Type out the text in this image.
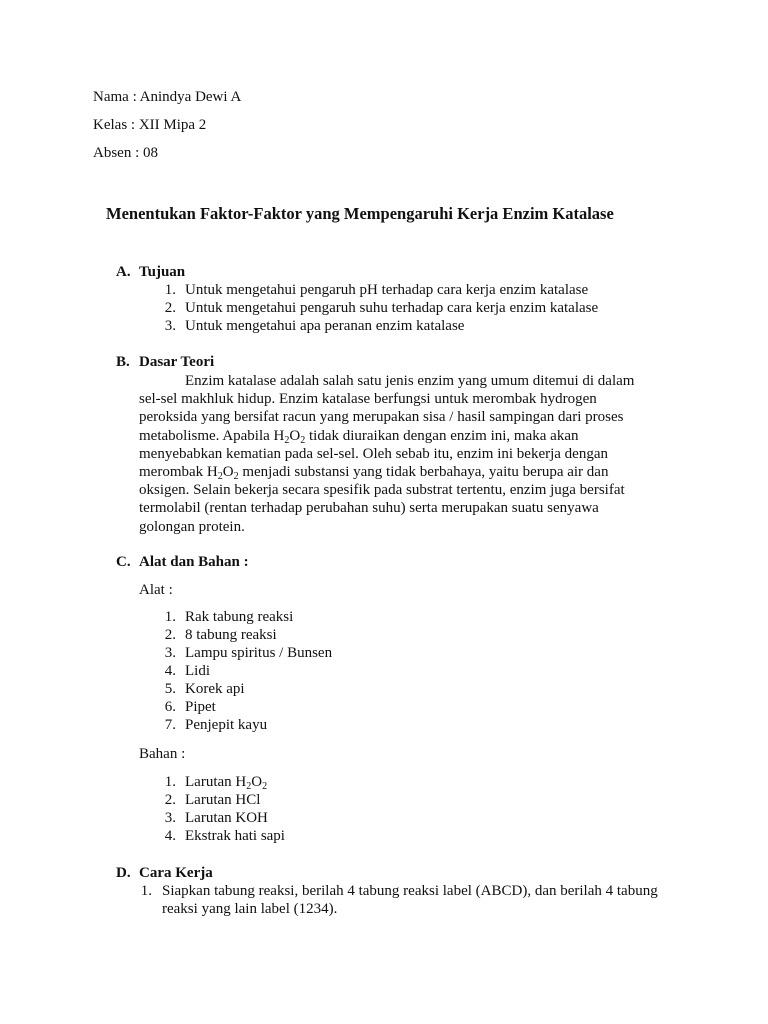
Nama : Anindya Dewi A
Kelas : XII Mipa 2
Absen : 08
Menentukan Faktor-Faktor yang Mempengaruhi Kerja Enzim Katalase
A. Tujuan
1. Untuk mengetahui pengaruh pH terhadap cara kerja enzim katalase
2. Untuk mengetahui pengaruh suhu terhadap cara kerja enzim katalase
3. Untuk mengetahui apa peranan enzim katalase
B. Dasar Teori
Enzim katalase adalah salah satu jenis enzim yang umum ditemui di dalam
sel-sel makhluk hidup. Enzim katalase berfungsi untuk merombak hydrogen
peroksida yang bersifat racun yang merupakan sisa / hasil sampingan dari proses
metabolisme. Apabila $H_2O_2$ tidak diuraikan dengan enzim ini, maka akan
menyebabkan kematian pada sel-sel. Oleh sebab itu, enzim ini bekerja dengan
merombak $H_2O_2$ menjadi substansi yang tidak berbahaya, yaitu berupa air dan
oksigen. Selain bekerja secara spesifik pada substrat tertentu, enzim juga bersifat
termolabil (rentan terhadap perubahan suhu) serta merupakan suatu senyawa
golongan protein.
C. Alat dan Bahan :
Alat :
1. Rak tabung reaksi
2. 8 tabung reaksi
3. Lampu spiritus / Bunsen
4. Lidi
5. Korek api
6. Pipet
7. Penjepit kayu
Bahan :
1. Larutan $H_2O_2$
2. Larutan HCl
3. Larutan KOH
4. Ekstrak hati sapi
D. Cara Kerja
1. Siapkan tabung reaksi, berilah 4 tabung reaksi label (ABCD), dan berilah 4 tabung
reaksi yang lain label (1234).
